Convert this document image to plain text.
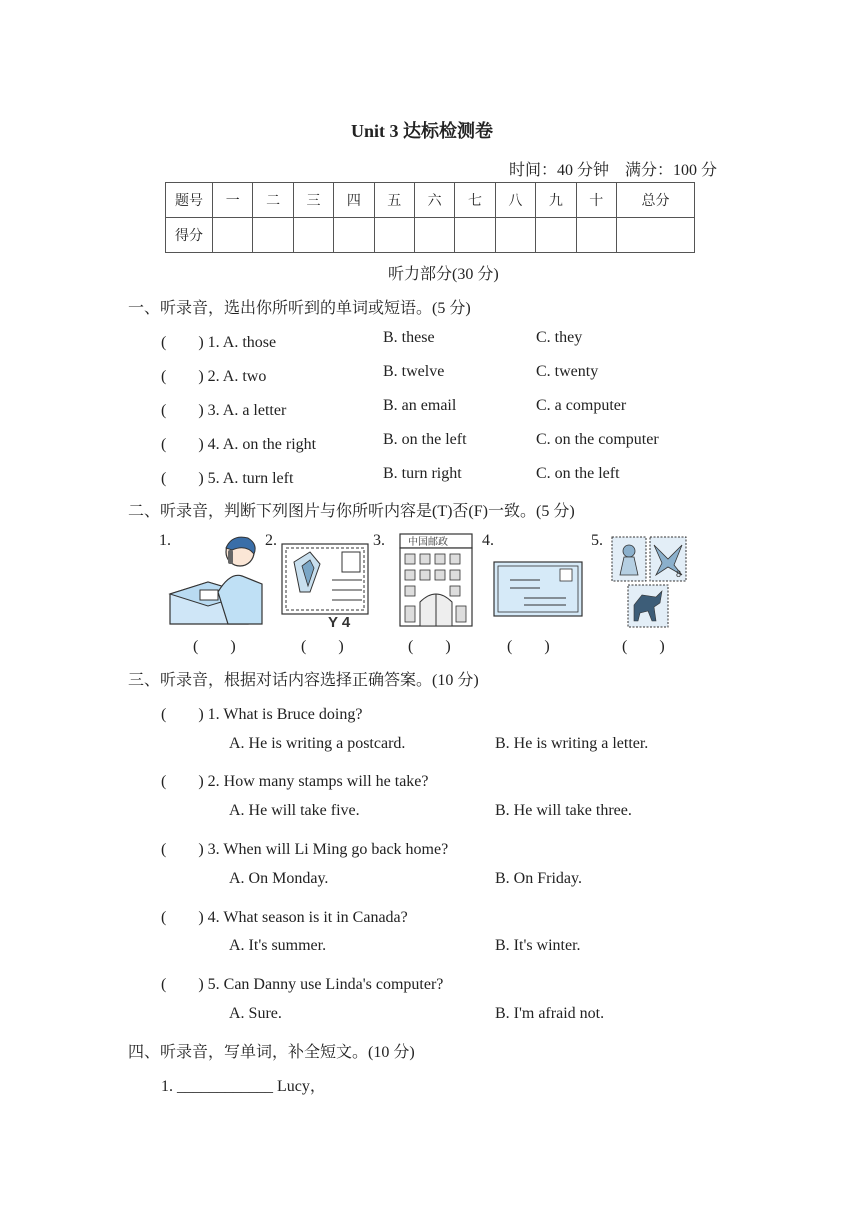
Unit 3 达标检测卷
时间：40 分钟　满分：100 分
题号	一	二	三	四	五	六	七	八	九	十	总分
得分											
听力部分(30 分)
一、听录音，选出你所听到的单词或短语。(5 分)
(　　) 1. A. those	B. these	C. they
(　　) 2. A. two	B. twelve	C. twenty
(　　) 3. A. a letter	B. an email	C. a computer
(　　) 4. A. on the right	B. on the left	C. on the computer
(　　) 5. A. turn left	B. turn right	C. on the left
二、听录音，判断下列图片与你所听内容是(T)否(F)一致。(5 分)
1.	2.	3.	4.	5.
Y 4
中国邮政
8
(　　)	(　　)	(　　)	(　　)	(　　)
三、听录音，根据对话内容选择正确答案。(10 分)
(　　) 1. What is Bruce doing?
A. He is writing a postcard.	B. He is writing a letter.
(　　) 2. How many stamps will he take?
A. He will take five.	B. He will take three.
(　　) 3. When will Li Ming go back home?
A. On Monday.	B. On Friday.
(　　) 4. What season is it in Canada?
A. It's summer.	B. It's winter.
(　　) 5. Can Danny use Linda's computer?
A. Sure.	B. I'm afraid not.
四、听录音，写单词，补全短文。(10 分)
1. ____________ Lucy，
